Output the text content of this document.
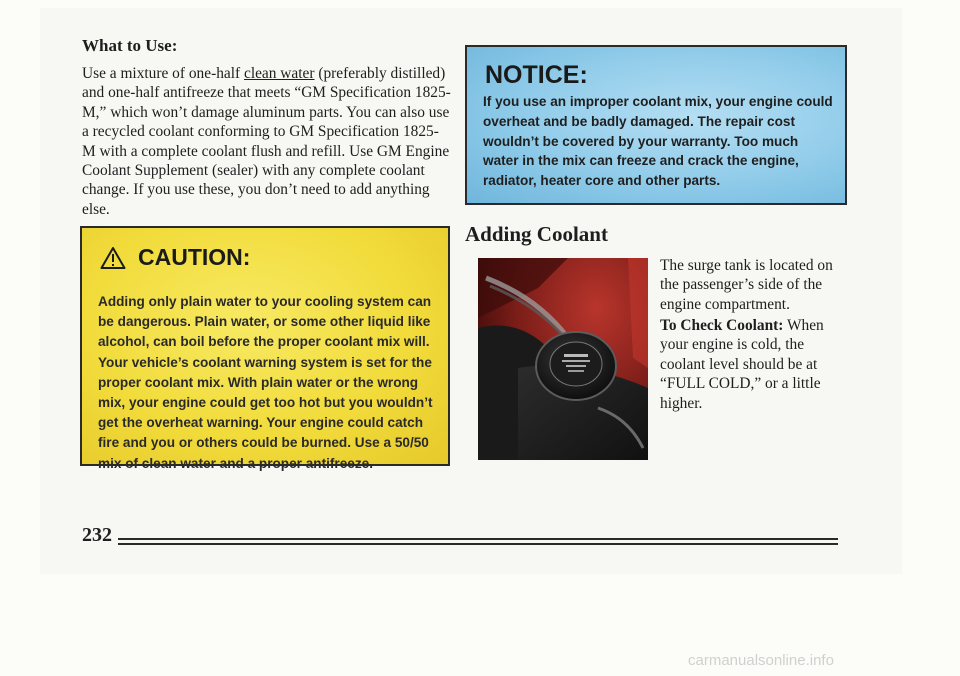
What to Use:

Use a mixture of one-half clean water (preferably distilled) and one-half antifreeze that meets “GM Specification 1825-M,” which won’t damage aluminum parts. You can also use a recycled coolant conforming to GM Specification 1825-M with a complete coolant flush and refill. Use GM Engine Coolant Supplement (sealer) with any complete coolant change. If you use these, you don’t need to add anything else.

CAUTION:

Adding only plain water to your cooling system can be dangerous. Plain water, or some other liquid like alcohol, can boil before the proper coolant mix will. Your vehicle’s coolant warning system is set for the proper coolant mix. With plain water or the wrong mix, your engine could get too hot but you wouldn’t get the overheat warning. Your engine could catch fire and you or others could be burned. Use a 50/50 mix of clean water and a proper antifreeze.

NOTICE:

If you use an improper coolant mix, your engine could overheat and be badly damaged. The repair cost wouldn’t be covered by your warranty. Too much water in the mix can freeze and crack the engine, radiator, heater core and other parts.

Adding Coolant

The surge tank is located on the passenger’s side of the engine compartment.

To Check Coolant: When your engine is cold, the coolant level should be at “FULL COLD,” or a little higher.

232
carmanualsonline.info
